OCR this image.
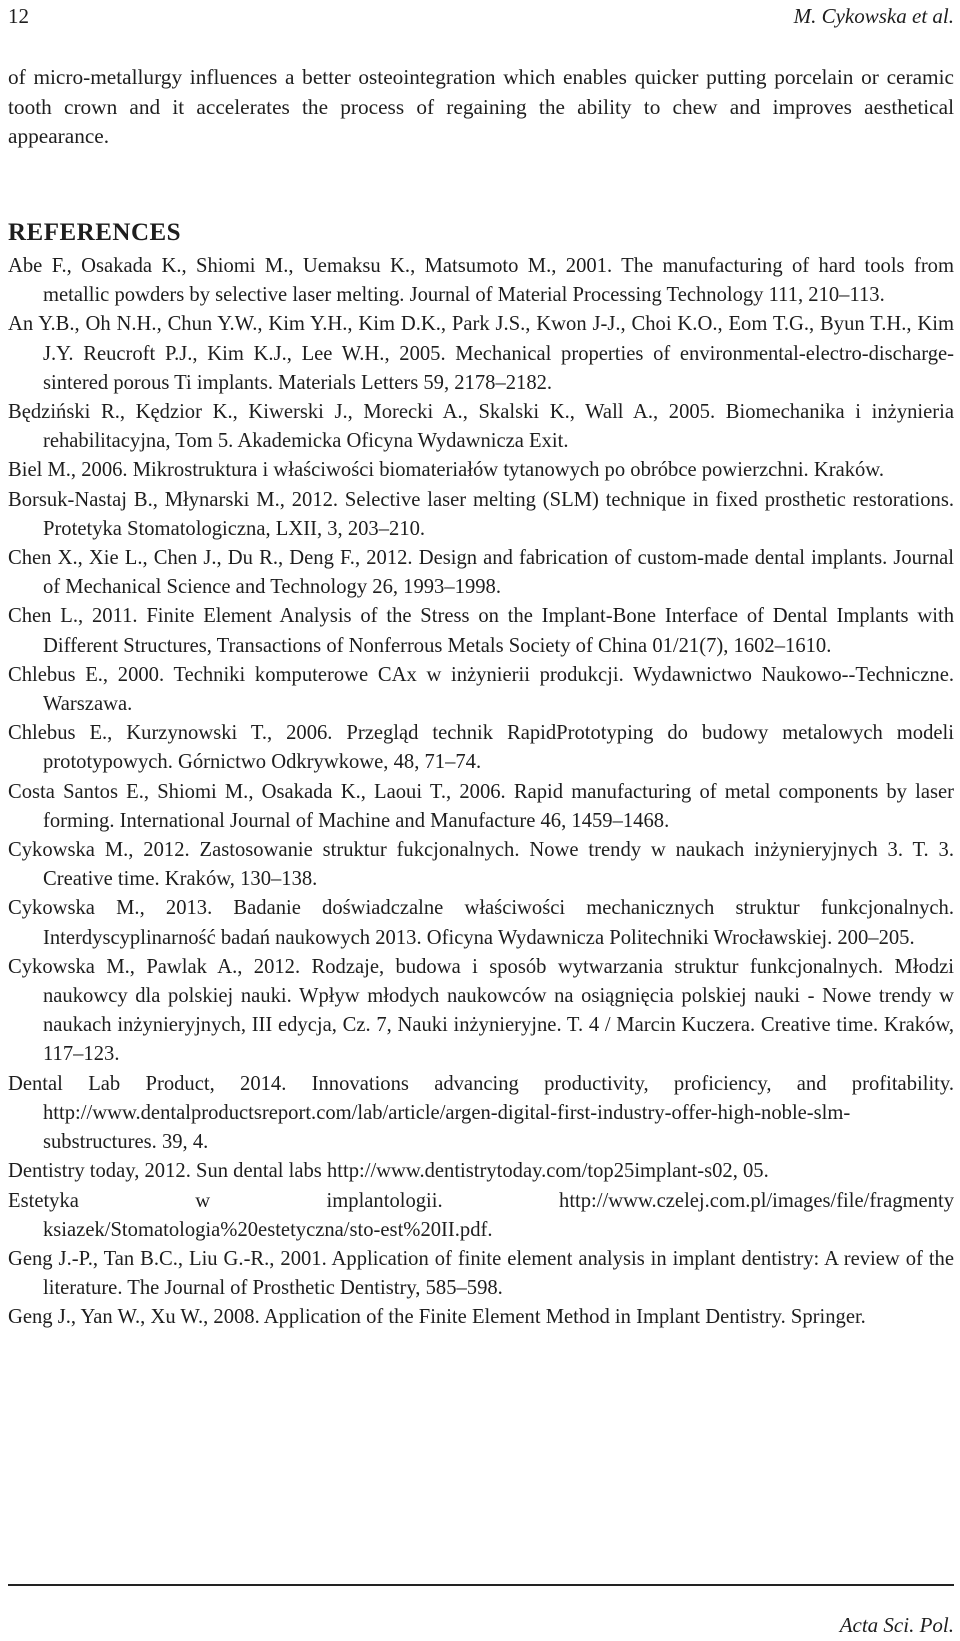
12	M. Cykowska et al.

of micro-metallurgy influences a better osteointegration which enables quicker putting porcelain or ceramic tooth crown and it accelerates the process of regaining the ability to chew and improves aesthetical appearance.

REFERENCES
Abe F., Osakada K., Shiomi M., Uemaksu K., Matsumoto M., 2001. The manufacturing of hard tools from metallic powders by selective laser melting. Journal of Material Processing Technology 111, 210–113.
An Y.B., Oh N.H., Chun Y.W., Kim Y.H., Kim D.K., Park J.S., Kwon J-J., Choi K.O., Eom T.G., Byun T.H., Kim J.Y. Reucroft P.J., Kim K.J., Lee W.H., 2005. Mechanical properties of environmental-electro-discharge-sintered porous Ti implants. Materials Letters 59, 2178–2182.
Będziński R., Kędzior K., Kiwerski J., Morecki A., Skalski K., Wall A., 2005. Biomechanika i inżynieria rehabilitacyjna, Tom 5. Akademicka Oficyna Wydawnicza Exit.
Biel M., 2006. Mikrostruktura i właściwości biomateriałów tytanowych po obróbce powierzchni. Kraków.
Borsuk-Nastaj B., Młynarski M., 2012. Selective laser melting (SLM) technique in fixed prosthetic restorations. Protetyka Stomatologiczna, LXII, 3, 203–210.
Chen X., Xie L., Chen J., Du R., Deng F., 2012. Design and fabrication of custom-made dental implants. Journal of Mechanical Science and Technology 26, 1993–1998.
Chen L., 2011. Finite Element Analysis of the Stress on the Implant-Bone Interface of Dental Implants with Different Structures, Transactions of Nonferrous Metals Society of China 01/21(7), 1602–1610.
Chlebus E., 2000. Techniki komputerowe CAx w inżynierii produkcji. Wydawnictwo Naukowo--Techniczne. Warszawa.
Chlebus E., Kurzynowski T., 2006. Przegląd technik RapidPrototyping do budowy metalowych modeli prototypowych. Górnictwo Odkrywkowe, 48, 71–74.
Costa Santos E., Shiomi M., Osakada K., Laoui T., 2006. Rapid manufacturing of metal components by laser forming. International Journal of Machine and Manufacture 46, 1459–1468.
Cykowska M., 2012. Zastosowanie struktur fukcjonalnych. Nowe trendy w naukach inżynieryjnych 3. T. 3. Creative time. Kraków, 130–138.
Cykowska M., 2013. Badanie doświadczalne właściwości mechanicznych struktur funkcjonalnych. Interdyscyplinarność badań naukowych 2013. Oficyna Wydawnicza Politechniki Wrocławskiej. 200–205.
Cykowska M., Pawlak A., 2012. Rodzaje, budowa i sposób wytwarzania struktur funkcjonalnych. Młodzi naukowcy dla polskiej nauki. Wpływ młodych naukowców na osiągnięcia polskiej nauki - Nowe trendy w naukach inżynieryjnych, III edycja, Cz. 7, Nauki inżynieryjne. T. 4 / Marcin Kuczera. Creative time. Kraków, 117–123.
Dental Lab Product, 2014. Innovations advancing productivity, proficiency, and profitability. http://www.dentalproductsreport.com/lab/article/argen-digital-first-industry-offer-high-noble-slm-substructures. 39, 4.
Dentistry today, 2012. Sun dental labs http://www.dentistrytoday.com/top25implant-s02, 05.
Estetyka w implantologii. http://www.czelej.com.pl/images/file/fragmenty ksiazek/Stomatologia%20estetyczna/sto-est%20II.pdf.
Geng J.-P., Tan B.C., Liu G.-R., 2001. Application of finite element analysis in implant dentistry: A review of the literature. The Journal of Prosthetic Dentistry, 585–598.
Geng J., Yan W., Xu W., 2008. Application of the Finite Element Method in Implant Dentistry. Springer.
Acta Sci. Pol.
